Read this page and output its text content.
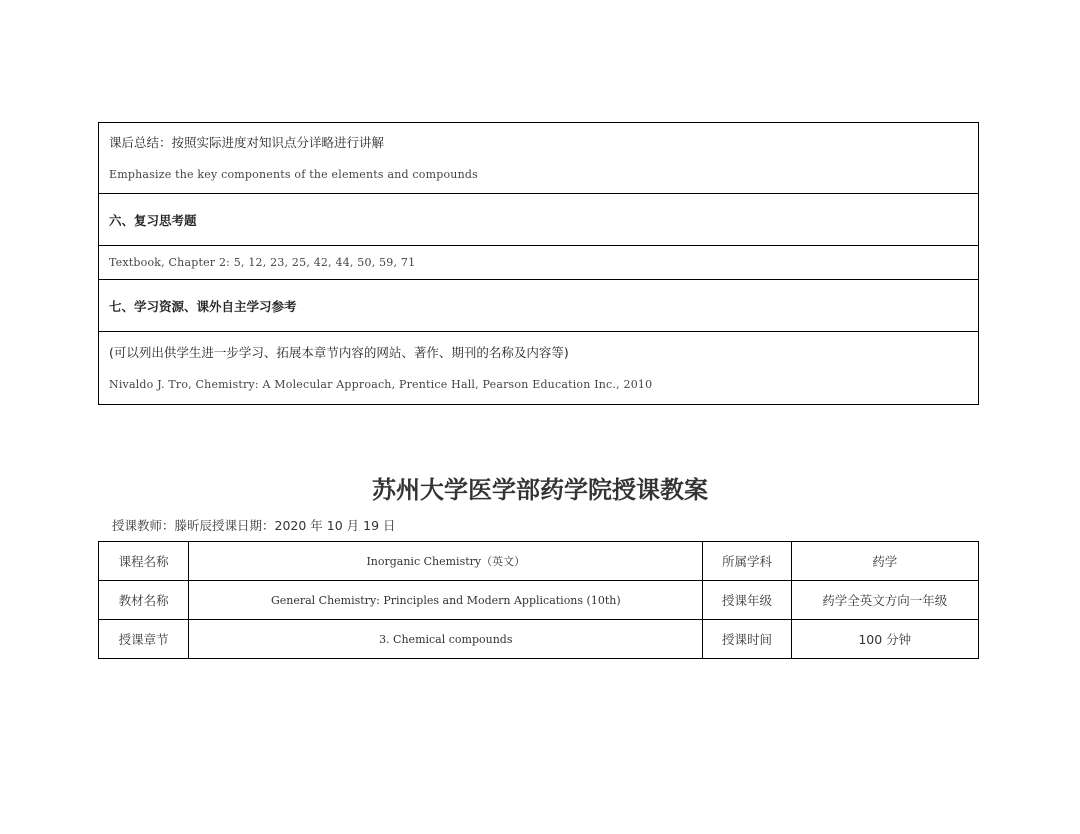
课后总结：按照实际进度对知识点分详略进行讲解
Emphasize the key components of the elements and compounds

六、复习思考题

Textbook, Chapter 2: 5, 12, 23, 25, 42, 44, 50, 59, 71

七、学习资源、课外自主学习参考

(可以列出供学生进一步学习、拓展本章节内容的网站、著作、期刊的名称及内容等)
Nivaldo J. Tro, Chemistry: A Molecular Approach, Prentice Hall, Pearson Education Inc., 2010
苏州大学医学部药学院授课教案
授课教师：滕昕辰授课日期：2020 年 10 月 19 日
课程名称	Inorganic Chemistry（英文）	所属学科	药学
教材名称	General Chemistry: Principles and Modern Applications (10th)	授课年级	药学全英文方向一年级
授课章节	3. Chemical compounds	授课时间	100 分钟
